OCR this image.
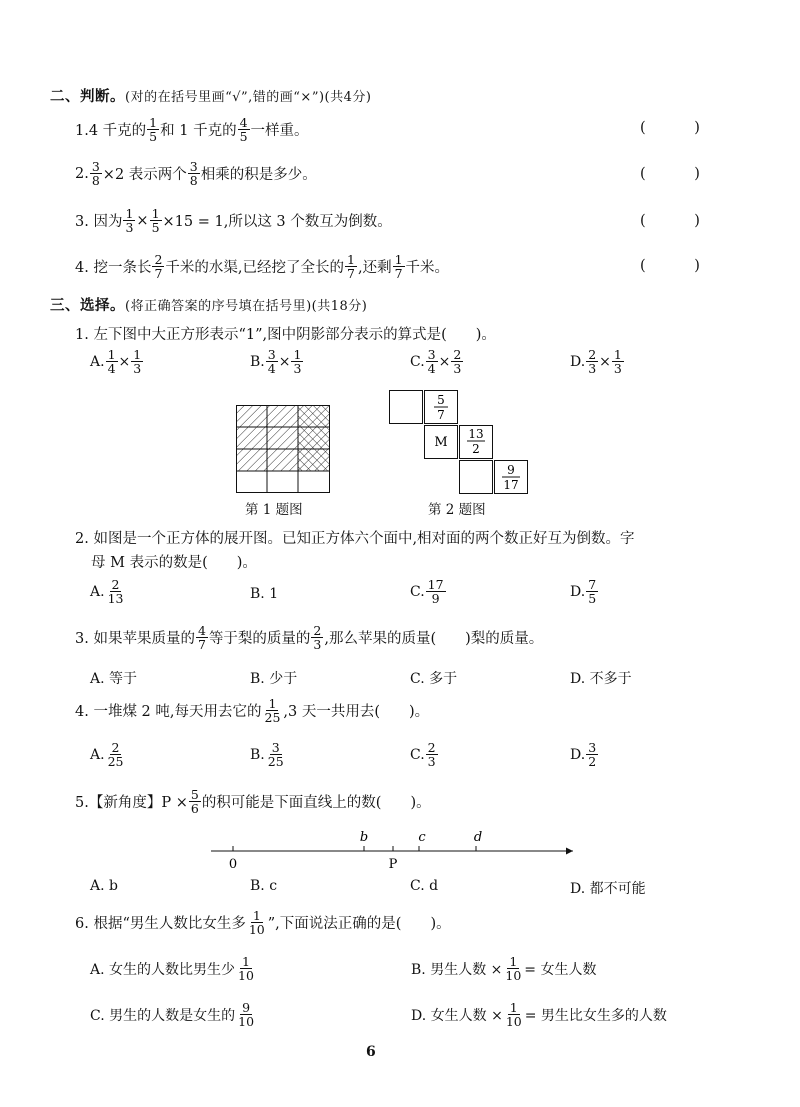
二、判断。(对的在括号里画“√”,错的画“×”)(共4分)
1.4 千克的 $\frac{1}{5}$ 和 1 千克的 $\frac{4}{5}$ 一样重。	( )
2. $\frac{3}{8} \times 2$ 表示两个 $\frac{3}{8}$ 相乘的积是多少。	( )
3. 因为 $\frac{1}{3} \times \frac{1}{5} \times 15 = 1$,所以这 3 个数互为倒数。	( )
4. 挖一条长 $\frac{2}{7}$ 千米的水渠,已经挖了全长的 $\frac{1}{7}$ ,还剩 $\frac{1}{7}$ 千米。	( )
三、选择。(将正确答案的序号填在括号里)(共18分)
1. 左下图中大正方形表示“1”,图中阴影部分表示的算式是(　　)。
A. $\frac{1}{4} \times \frac{1}{3}$	B. $\frac{3}{4} \times \frac{1}{3}$	C. $\frac{3}{4} \times \frac{2}{3}$	D. $\frac{2}{3} \times \frac{1}{3}$
第 1 题图
5
7
M
13
2
9
17
第 2 题图
2. 如图是一个正方体的展开图。已知正方体六个面中,相对面的两个数正好互为倒数。字
母 M 表示的数是(　　)。
A. $\frac{2}{13}$	B. 1	C. $\frac{17}{9}$	D. $\frac{7}{5}$
3. 如果苹果质量的 $\frac{4}{7}$ 等于梨的质量的 $\frac{2}{3}$ ,那么苹果的质量(　　)梨的质量。
A. 等于	B. 少于	C. 多于	D. 不多于
4. 一堆煤 2 吨,每天用去它的 $\frac{1}{25} ,3$ 天一共用去(　　)。
A. $\frac{2}{25}$	B. $\frac{3}{25}$	C. $\frac{2}{3}$	D. $\frac{3}{2}$
5.【新角度】$P \times \frac{5}{6}$ 的积可能是下面直线上的数(　　)。
0
b
P
c	d
A. b	B. c	C. d	D. 都不可能
6. 根据“男生人数比女生多 $\frac{1}{10}$ ”,下面说法正确的是(　　)。
A. 女生的人数比男生少 $\frac{1}{10}$	B. 男生人数 × $\frac{1}{10}$ = 女生人数
C. 男生的人数是女生的 $\frac{9}{10}$	D. 女生人数 × $\frac{1}{10}$ = 男生比女生多的人数
6
